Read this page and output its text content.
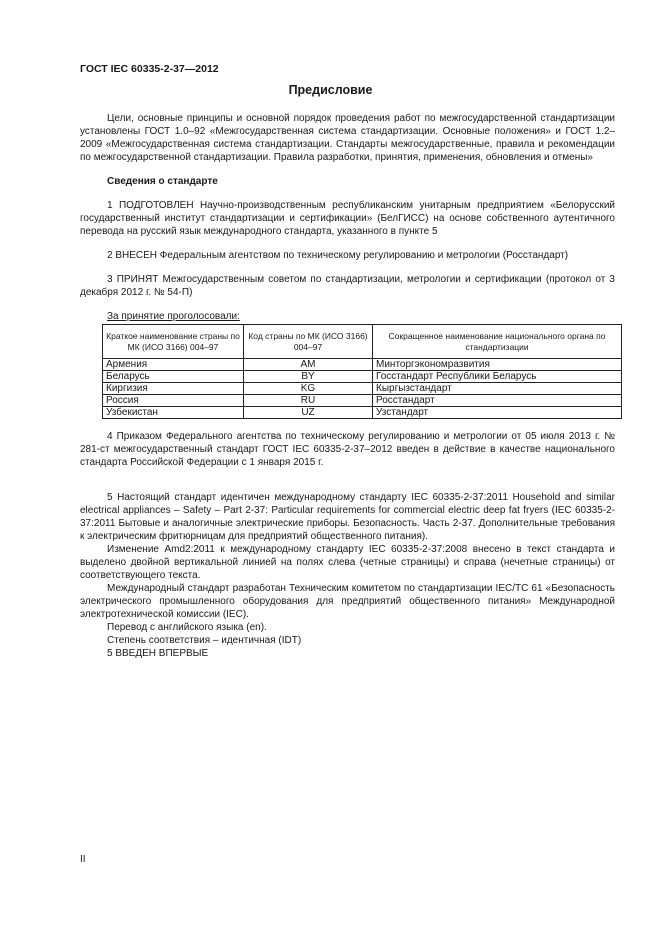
ГОСТ IEC 60335-2-37—2012
Предисловие

Цели, основные принципы и основной порядок проведения работ по межгосударственной стандартизации установлены ГОСТ 1.0–92 «Межгосударственная система стандартизации. Основные положения» и ГОСТ 1.2–2009 «Межгосударственная система стандартизации. Стандарты межгосударственные, правила и рекомендации по межгосударственной стандартизации. Правила разработки, принятия, применения, обновления и отмены»

Сведения о стандарте

1 ПОДГОТОВЛЕН Научно-производственным республиканским унитарным предприятием «Белорусский государственный институт стандартизации и сертификации» (БелГИСС) на основе собственного аутентичного перевода на русский язык международного стандарта, указанного в пункте 5

2 ВНЕСЕН Федеральным агентством по техническому регулированию и метрологии (Росстандарт)

3 ПРИНЯТ Межгосударственным советом по стандартизации, метрологии и сертификации (протокол от 3 декабря 2012 г. № 54-П)

За принятие проголосовали:

Краткое наименование страны по МК (ИСО 3166) 004–97	Код страны по МК (ИСО 3166) 004–97	Сокращенное наименование национального органа по стандартизации
Армения	AM	Минторгэкономразвития
Беларусь	BY	Госстандарт Республики Беларусь
Киргизия	KG	Кыргызстандарт
Россия	RU	Росстандарт
Узбекистан	UZ	Узстандарт

4 Приказом Федерального агентства по техническому регулированию и метрологии от 05 июля 2013 г. № 281-ст межгосударственный стандарт ГОСТ IEC 60335-2-37–2012 введен в действие в качестве национального стандарта Российской Федерации с 1 января 2015 г.

5 Настоящий стандарт идентичен международному стандарту IEC 60335-2-37:2011 Household and similar electrical appliances – Safety – Part 2-37: Particular requirements for commercial electric deep fat fryers (IEC 60335-2-37:2011 Бытовые и аналогичные электрические приборы. Безопасность. Часть 2-37. Дополнительные требования к электрическим фритюрницам для предприятий общественного питания).

Изменение Amd2:2011 к международному стандарту IEC 60335-2-37:2008 внесено в текст стандарта и выделено двойной вертикальной линией на полях слева (четные страницы) и справа (нечетные страницы) от соответствующего текста.

Международный стандарт разработан Техническим комитетом по стандартизации IEC/TC 61 «Безопасность электрического промышленного оборудования для предприятий общественного питания» Международной электротехнической комиссии (IEC).

Перевод с английского языка (en).

Степень соответствия – идентичная (IDT)

5 ВВЕДЕН ВПЕРВЫЕ

II
